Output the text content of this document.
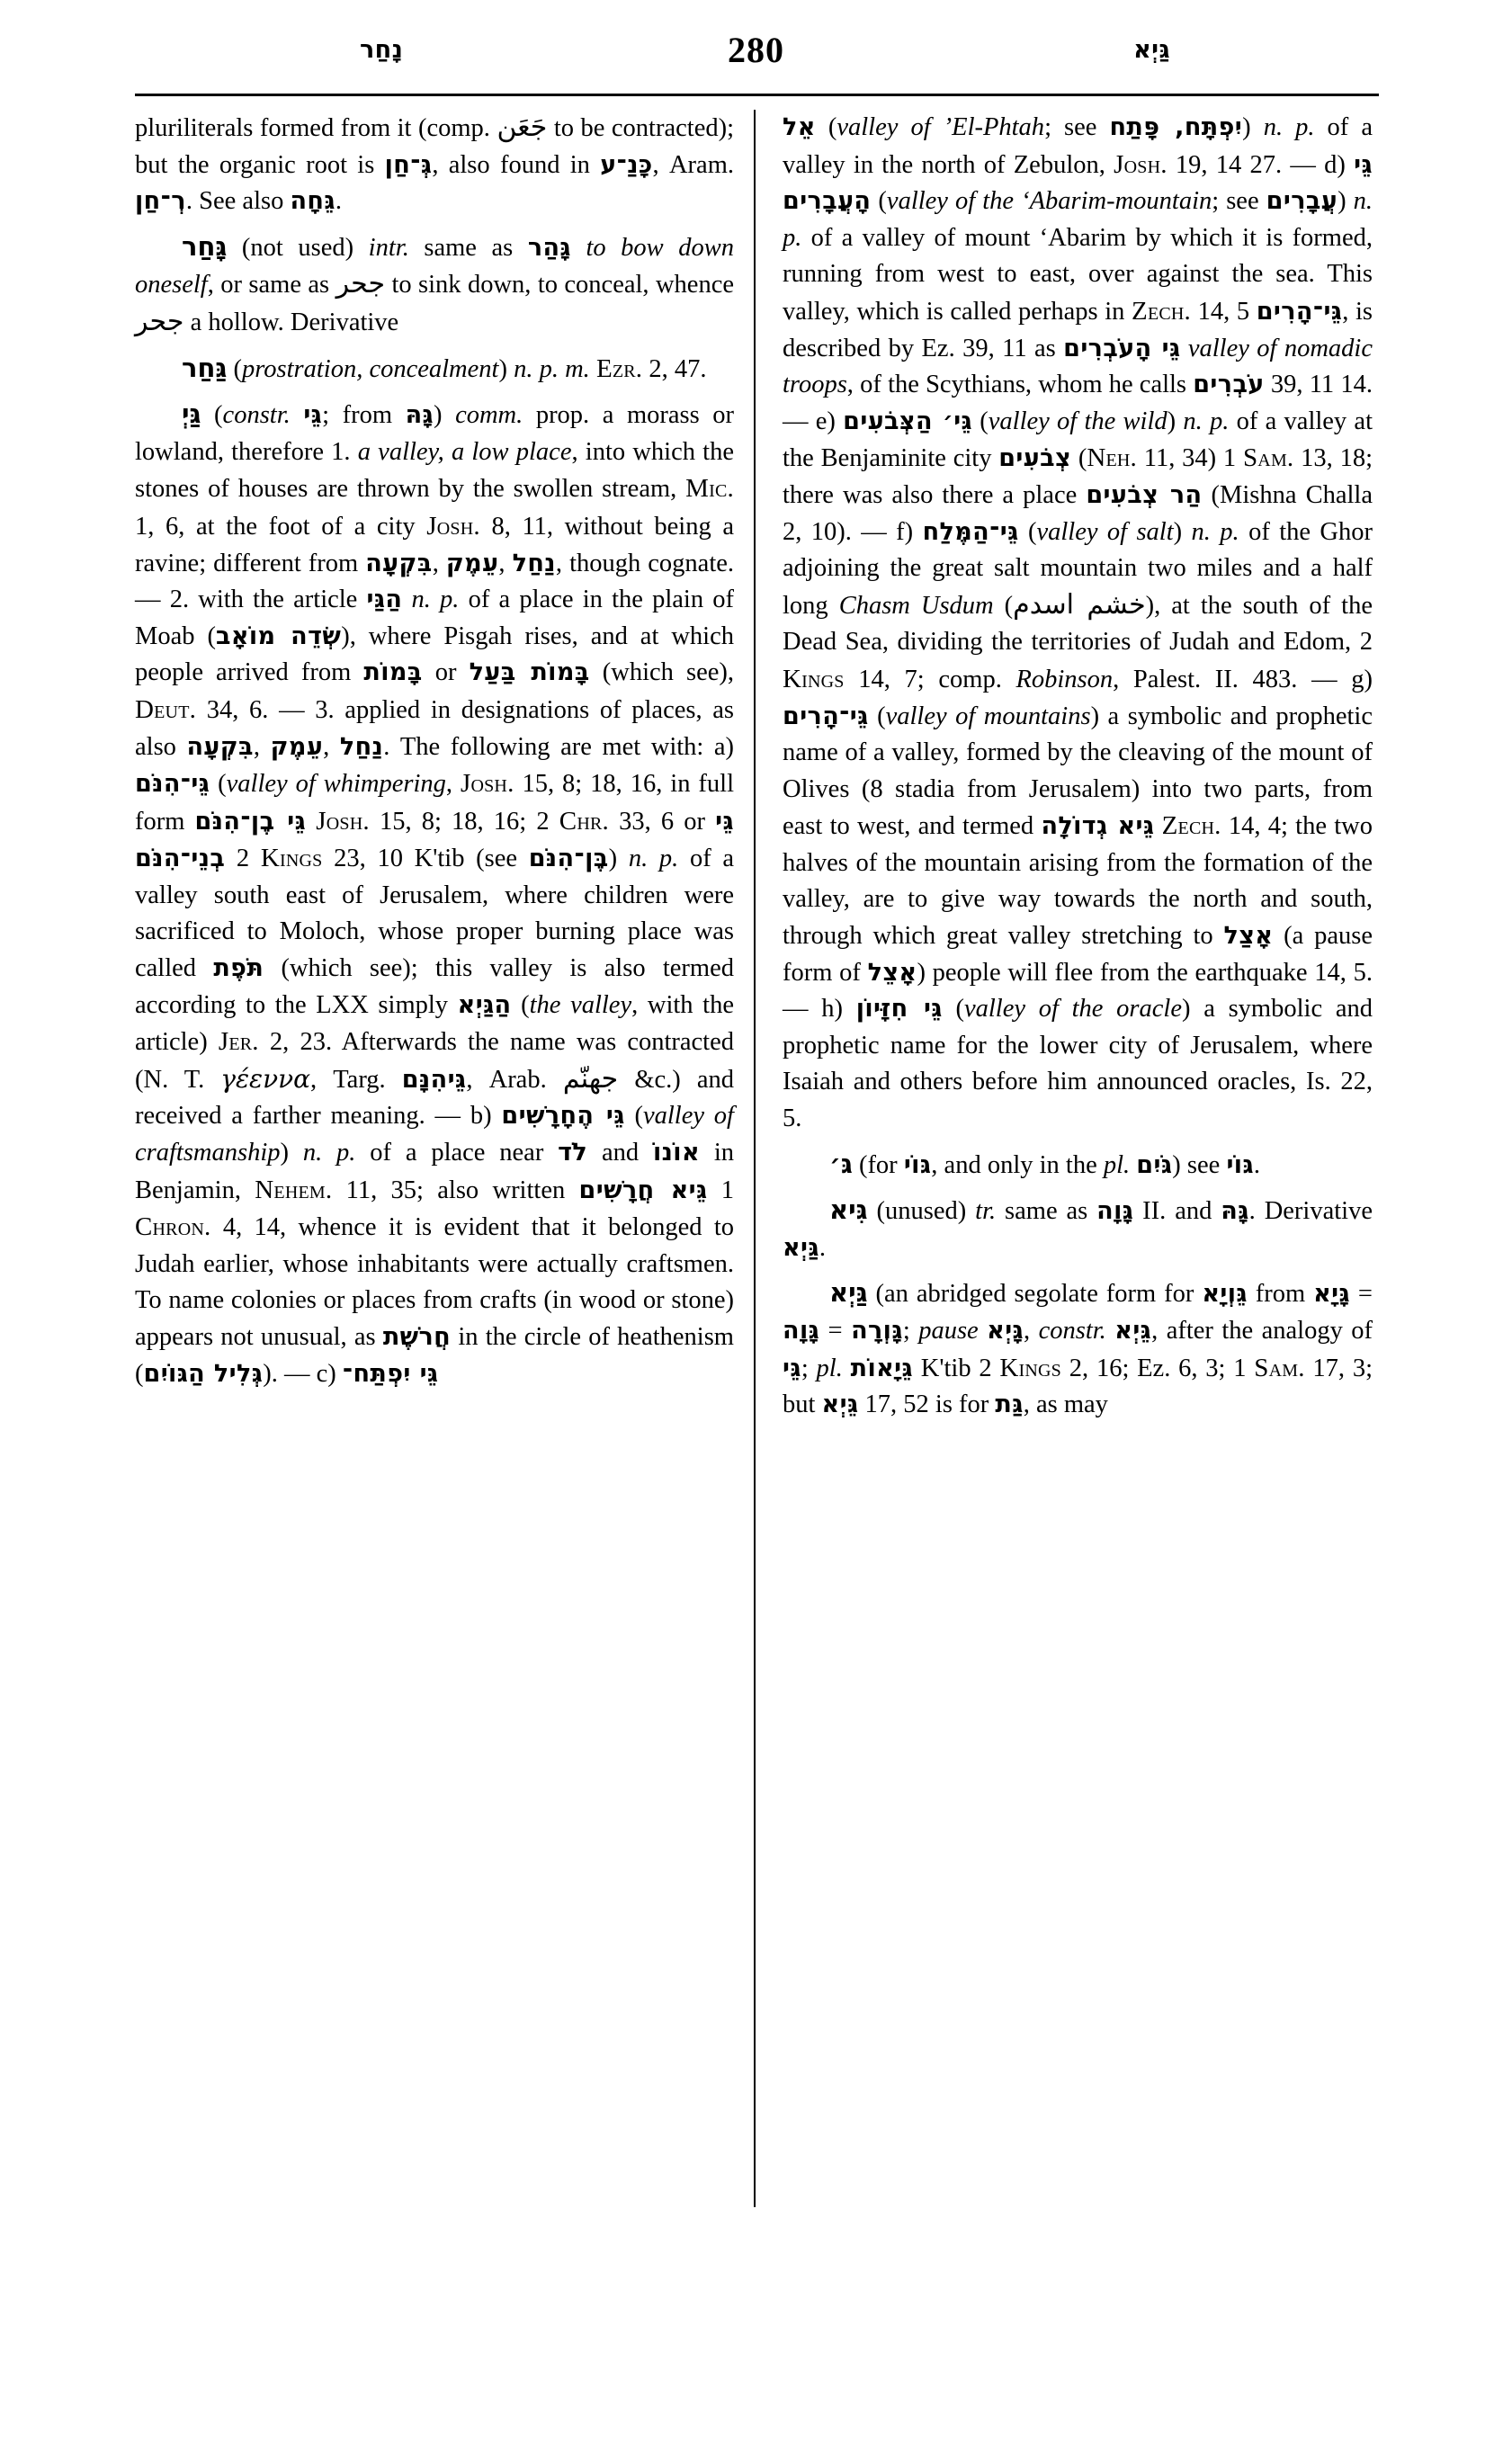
נָחַר	280	גַּיְא

pluriliterals formed from it (comp. جَعَن to be contracted); but the organic root is גְּ־חַן, also found in כָּנַ־ע, Aram. רְ־חַן. See also גֵּחָה.

גָּחַר (not used) intr. same as גָּהַר to bow down oneself, or same as جحر to sink down, to conceal, whence جحر a hollow. Derivative

גַּחַר (prostration, concealment) n. p. m. Ezr. 2, 47.

גַּיְ (constr. גֵּי; from גָּהּ) comm. prop. a morass or lowland, therefore 1. a valley, a low place, into which the stones of houses are thrown by the swollen stream, Mic. 1, 6, at the foot of a city Josh. 8, 11, without being a ravine; different from בִּקְעָה, עֵמֶק, נַחַל, though cognate. — 2. with the article הַגַּי n. p. of a place in the plain of Moab (שְׂדֵה מוֹאָב), where Pisgah rises, and at which people arrived from בָּמוֹת or בָּמוֹת בַּעַל (which see), Deut. 34, 6. — 3. applied in designations of places, as also בִּקְעָה, עֵמֶק, נַחַל. The following are met with: a) גֵּי־הִנֹּם (valley of whimpering, Josh. 15, 8; 18, 16, in full form גֵּי בֶן־הִנֹּם Josh. 15, 8; 18, 16; 2 Chr. 33, 6 or גֵּי בְנֵי־הִנֹּם 2 Kings 23, 10 K'tib (see בֶּן־הִנֹּם) n. p. of a valley south east of Jerusalem, where children were sacrificed to Moloch, whose proper burning place was called תֹּפֶת (which see); this valley is also termed according to the LXX simply הַגַּיְא (the valley, with the article) Jer. 2, 23. Afterwards the name was contracted (N. T. γέεννα, Targ. גֵּיהִנָּם, Arab. جهنّم &c.) and received a farther meaning. — b) גֵּי הֶחָרָשִׁים (valley of craftsmanship) n. p. of a place near לֹד and אוֹנוֹ in Benjamin, Nehem. 11, 35; also written גֵּיא חֲרָשִׁים 1 Chron. 4, 14, whence it is evident that it belonged to Judah earlier, whose inhabitants were actually craftsmen. To name colonies or places from crafts (in wood or stone) appears not unusual, as חֲרֹשֶׁת in the circle of heathenism (גְּלִיל הַגּוֹיִם). — c) גֵּי יִפְתַּח־

אֵל (valley of ’El-Phtah; see יִפְתָּח, פָּתַח) n. p. of a valley in the north of Zebulon, Josh. 19, 14 27. — d) גֵּי הָעֲבָרִים (valley of the ‘Abarim-mountain; see עֲבָרִים) n. p. of a valley of mount ‘Abarim by which it is formed, running from west to east, over against the sea. This valley, which is called perhaps in Zech. 14, 5 גֵּי־הָרִים, is described by Ez. 39, 11 as גֵּי הָעֹבְרִים valley of nomadic troops, of the Scythians, whom he calls עֹבְרִים 39, 11 14. — e) גֵּי׳ הַצְּבֹעִים (valley of the wild) n. p. of a valley at the Benjaminite city צְבֹעִים (Neh. 11, 34) 1 Sam. 13, 18; there was also there a place הַר צְבֹעִים (Mishna Challa 2, 10). — f) גֵּי־הַמֶּלַח (valley of salt) n. p. of the Ghor adjoining the great salt mountain two miles and a half long Chasm Usdum (خشم اسدم), at the south of the Dead Sea, dividing the territories of Judah and Edom, 2 Kings 14, 7; comp. Robinson, Palest. II. 483. — g) גֵּי־הָרִים (valley of mountains) a symbolic and prophetic name of a valley, formed by the cleaving of the mount of Olives (8 stadia from Jerusalem) into two parts, from east to west, and termed גֵּיא גְדוֹלָה Zech. 14, 4; the two halves of the mountain arising from the formation of the valley, are to give way towards the north and south, through which great valley stretching to אָצַל (a pause form of אָצֵל) people will flee from the earthquake 14, 5. — h) גֵּי חִזָּיוֹן (valley of the oracle) a symbolic and prophetic name for the lower city of Jerusalem, where Isaiah and others before him announced oracles, Is. 22, 5.

גּ׳ (for גּוֹי, and only in the pl. גֹּיִם) see גּוֹי.

גִּיא (unused) tr. same as גָּוָה II. and גָּהּ. Derivative גַּיְא.

גַּיְא (an abridged segolate form for גֵּוְיָא from גָּיָא = גָּוָה = גָּוְרָה; pause גָּיְא, constr. גֵּיְא, after the analogy of גֵּי; pl. גֵּיָאוֹת K'tib 2 Kings 2, 16; Ez. 6, 3; 1 Sam. 17, 3; but גֵּיְא 17, 52 is for גַּת, as may
